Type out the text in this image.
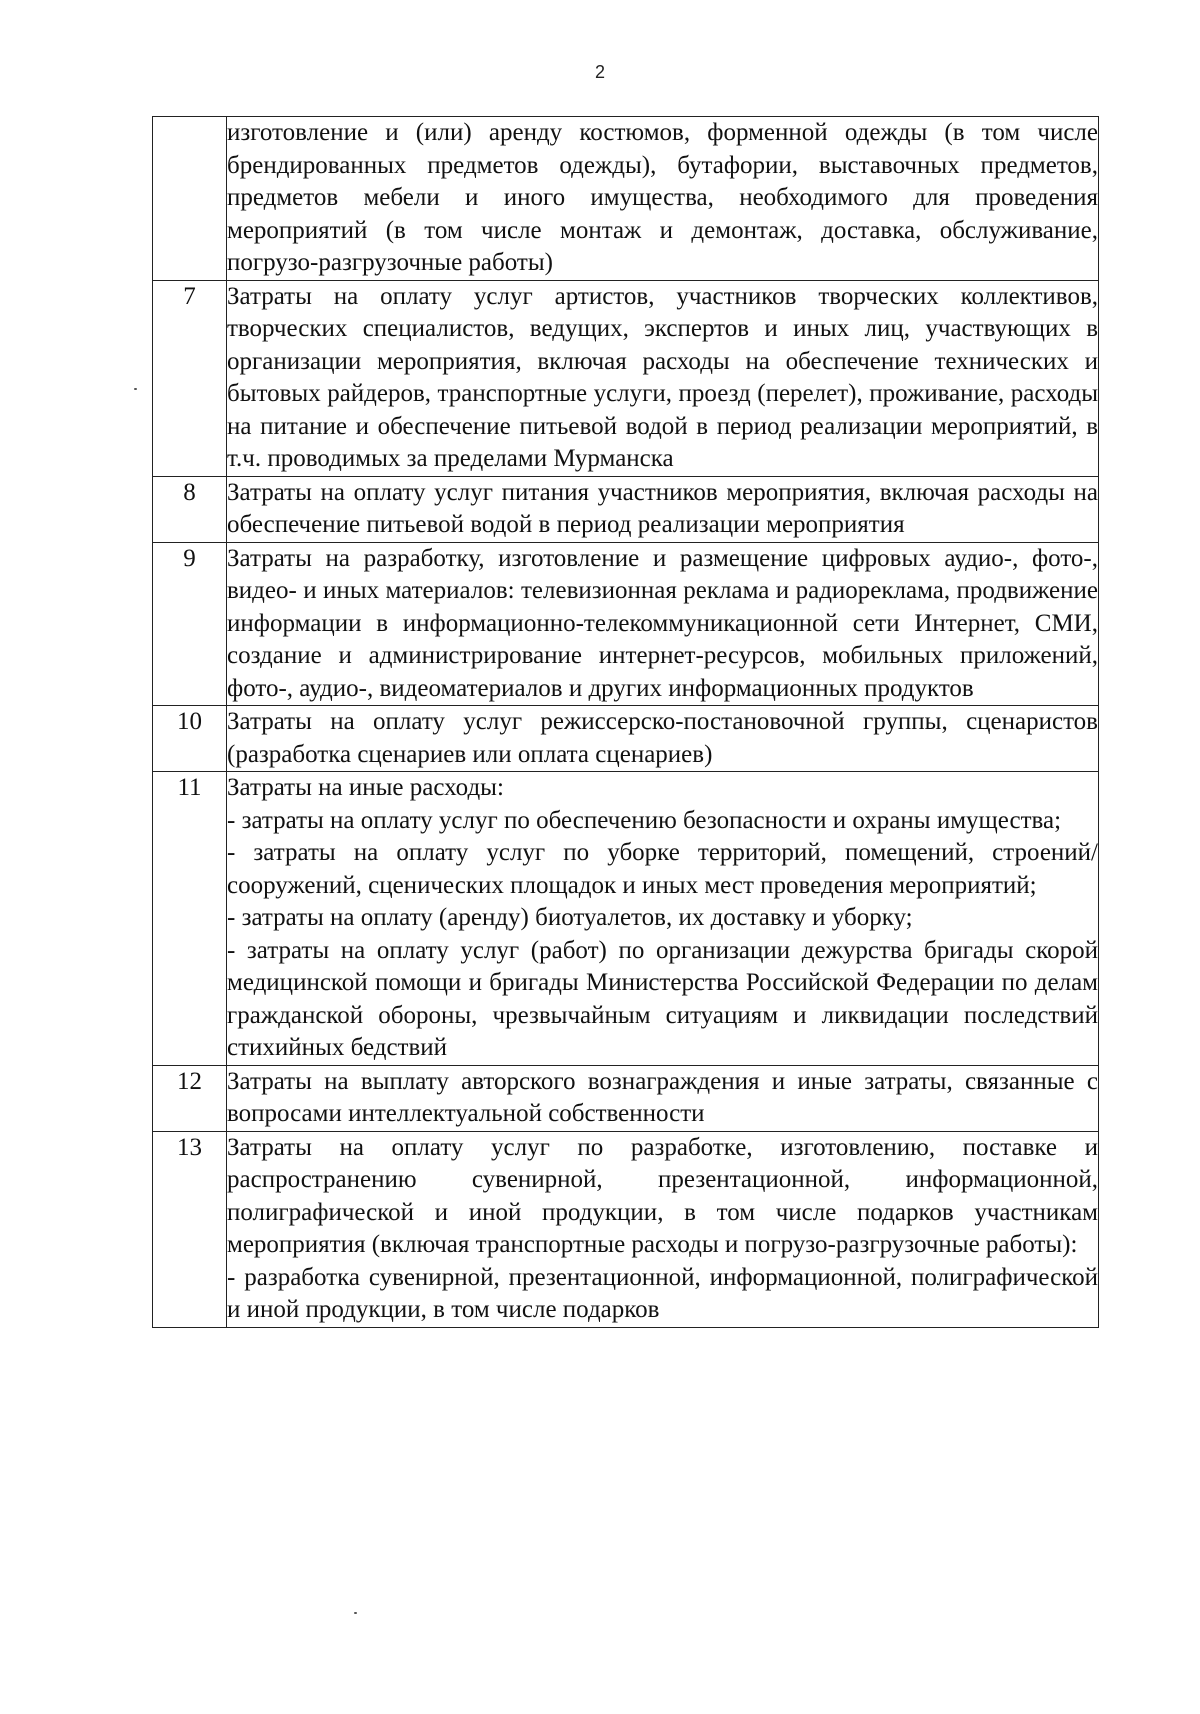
2

	изготовление и (или) аренду костюмов, форменной одежды (в том числе брендированных предметов одежды), бутафории, выставочных предметов, предметов мебели и иного имущества, необходимого для проведения мероприятий (в том числе монтаж и демонтаж, доставка, обслуживание, погрузо-разгрузочные работы)

7	Затраты на оплату услуг артистов, участников творческих коллективов, творческих специалистов, ведущих, экспертов и иных лиц, участвующих в организации мероприятия, включая расходы на обеспечение технических и бытовых райдеров, транспортные услуги, проезд (перелет), проживание, расходы на питание и обеспечение питьевой водой в период реализации мероприятий, в т.ч. проводимых за пределами Мурманска

8	Затраты на оплату услуг питания участников мероприятия, включая расходы на обеспечение питьевой водой в период реализации мероприятия

9	Затраты на разработку, изготовление и размещение цифровых аудио-, фото-, видео- и иных материалов: телевизионная реклама и радиореклама, продвижение информации в информационно-телекоммуникационной сети Интернет, СМИ, создание и администрирование интернет-ресурсов, мобильных приложений, фото-, аудио-, видеоматериалов и других информационных продуктов

10	Затраты на оплату услуг режиссерско-постановочной группы, сценаристов (разработка сценариев или оплата сценариев)

11	Затраты на иные расходы:
- затраты на оплату услуг по обеспечению безопасности и охраны имущества;
- затраты на оплату услуг по уборке территорий, помещений, строений/сооружений, сценических площадок и иных мест проведения мероприятий;
- затраты на оплату (аренду) биотуалетов, их доставку и уборку;
- затраты на оплату услуг (работ) по организации дежурства бригады скорой медицинской помощи и бригады Министерства Российской Федерации по делам гражданской обороны, чрезвычайным ситуациям и ликвидации последствий стихийных бедствий

12	Затраты на выплату авторского вознаграждения и иные затраты, связанные с вопросами интеллектуальной собственности

13	Затраты на оплату услуг по разработке, изготовлению, поставке и распространению сувенирной, презентационной, информационной, полиграфической и иной продукции, в том числе подарков участникам мероприятия (включая транспортные расходы и погрузо-разгрузочные работы):
- разработка сувенирной, презентационной, информационной, полиграфической и иной продукции, в том числе подарков
